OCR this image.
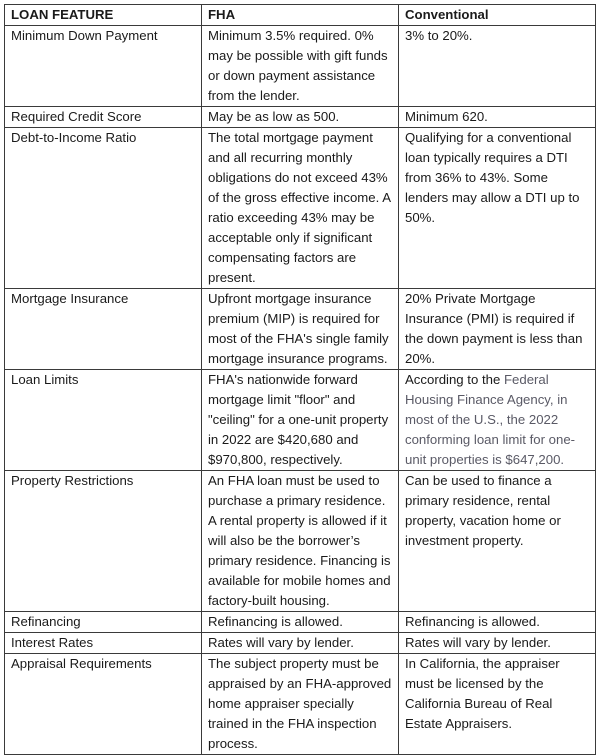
LOAN FEATURE	FHA	Conventional
Minimum Down Payment	Minimum 3.5% required. 0% may be possible with gift funds or down payment assistance from the lender.	3% to 20%.
Required Credit Score	May be as low as 500.	Minimum 620.
Debt-to-Income Ratio	The total mortgage payment and all recurring monthly obligations do not exceed 43% of the gross effective income. A ratio exceeding 43% may be acceptable only if significant compensating factors are present.	Qualifying for a conventional loan typically requires a DTI from 36% to 43%. Some lenders may allow a DTI up to 50%.
Mortgage Insurance	Upfront mortgage insurance premium (MIP) is required for most of the FHA's single family mortgage insurance programs.	20% Private Mortgage Insurance (PMI) is required if the down payment is less than 20%.
Loan Limits	FHA's nationwide forward mortgage limit "floor" and "ceiling" for a one-unit property in 2022 are $420,680 and $970,800, respectively.	According to the Federal Housing Finance Agency, in most of the U.S., the 2022 conforming loan limit for one-unit properties is $647,200.
Property Restrictions	An FHA loan must be used to purchase a primary residence. A rental property is allowed if it will also be the borrower’s primary residence. Financing is available for mobile homes and factory-built housing.	Can be used to finance a primary residence, rental property, vacation home or investment property.
Refinancing	Refinancing is allowed.	Refinancing is allowed.
Interest Rates	Rates will vary by lender.	Rates will vary by lender.
Appraisal Requirements	The subject property must be appraised by an FHA-approved home appraiser specially trained in the FHA inspection process.	In California, the appraiser must be licensed by the California Bureau of Real Estate Appraisers.
